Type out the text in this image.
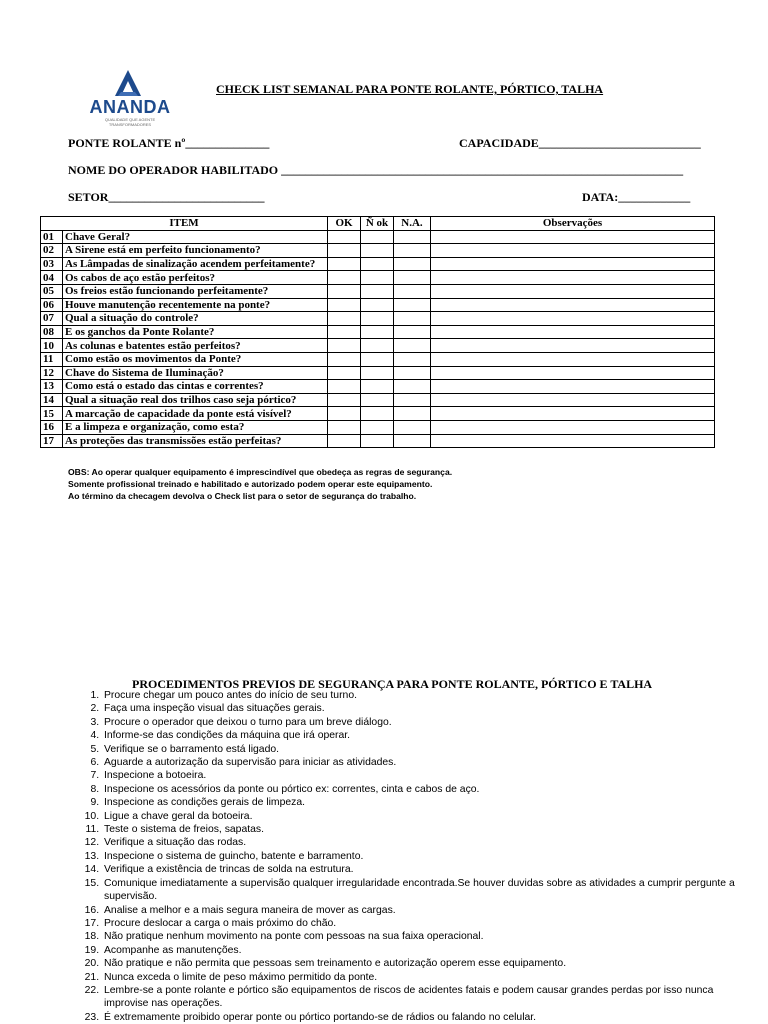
ANANDA
QUALIDADE QUE AGENTE TRANSFORMADORES
CHECK LIST SEMANAL PARA PONTE ROLANTE, PÓRTICO, TALHA
PONTE ROLANTE nº______________	CAPACIDADE___________________________
NOME DO OPERADOR HABILITADO ___________________________________________________________________
SETOR__________________________	DATA:____________
ITEM		OK	Ñ ok	N.A.	Observações
01	Chave Geral?				
02	A Sirene está em perfeito funcionamento?				
03	As Lâmpadas de sinalização acendem perfeitamente?				
04	Os cabos de aço estão perfeitos?				
05	Os freios estão funcionando perfeitamente?				
06	Houve manutenção recentemente na ponte?				
07	Qual a situação do controle?				
08	E os ganchos da Ponte Rolante?				
10	As colunas e batentes estão perfeitos?				
11	Como estão os movimentos da Ponte?				
12	Chave do Sistema de Iluminação?				
13	Como está o estado das cintas e correntes?				
14	Qual a situação real dos trilhos caso seja pórtico?				
15	A marcação de capacidade da ponte está visível?				
16	E a limpeza e organização, como esta?				
17	As proteções das transmissões estão perfeitas?				
OBS: Ao operar qualquer equipamento é imprescindível que obedeça as regras de segurança.
Somente profissional treinado e habilitado e autorizado podem operar este equipamento.
Ao término da checagem devolva o Check list para o setor de segurança do trabalho.
PROCEDIMENTOS PREVIOS DE SEGURANÇA PARA PONTE ROLANTE, PÓRTICO E TALHA
1. Procure chegar um pouco antes do início de seu turno.
2. Faça uma inspeção visual das situações gerais.
3. Procure o operador que deixou o turno para um breve diálogo.
4. Informe-se das condições da máquina que irá operar.
5. Verifique se o barramento está ligado.
6. Aguarde a autorização da supervisão para iniciar as atividades.
7. Inspecione a botoeira.
8. Inspecione os acessórios da ponte ou pórtico ex: correntes, cinta e cabos de aço.
9. Inspecione as condições gerais de limpeza.
10. Ligue a chave geral da botoeira.
11. Teste o sistema de freios, sapatas.
12. Verifique a situação das rodas.
13. Inspecione o sistema de guincho, batente e barramento.
14. Verifique a existência de trincas de solda na estrutura.
15. Comunique imediatamente a supervisão qualquer irregularidade encontrada.Se houver duvidas sobre as atividades a cumprir pergunte a supervisão.
16. Analise a melhor e a mais segura maneira de mover as cargas.
17. Procure deslocar a carga o mais próximo do chão.
18. Não pratique nenhum movimento na ponte com pessoas na sua faixa operacional.
19. Acompanhe as manutenções.
20. Não pratique e não permita que pessoas sem treinamento e autorização operem esse equipamento.
21. Nunca exceda o limite de peso máximo permitido da ponte.
22. Lembre-se a ponte rolante e pórtico são equipamentos de riscos de acidentes fatais e podem causar grandes perdas por isso nunca improvise nas operações.
23. É extremamente proibido operar ponte ou pórtico portando-se de rádios ou falando no celular.
